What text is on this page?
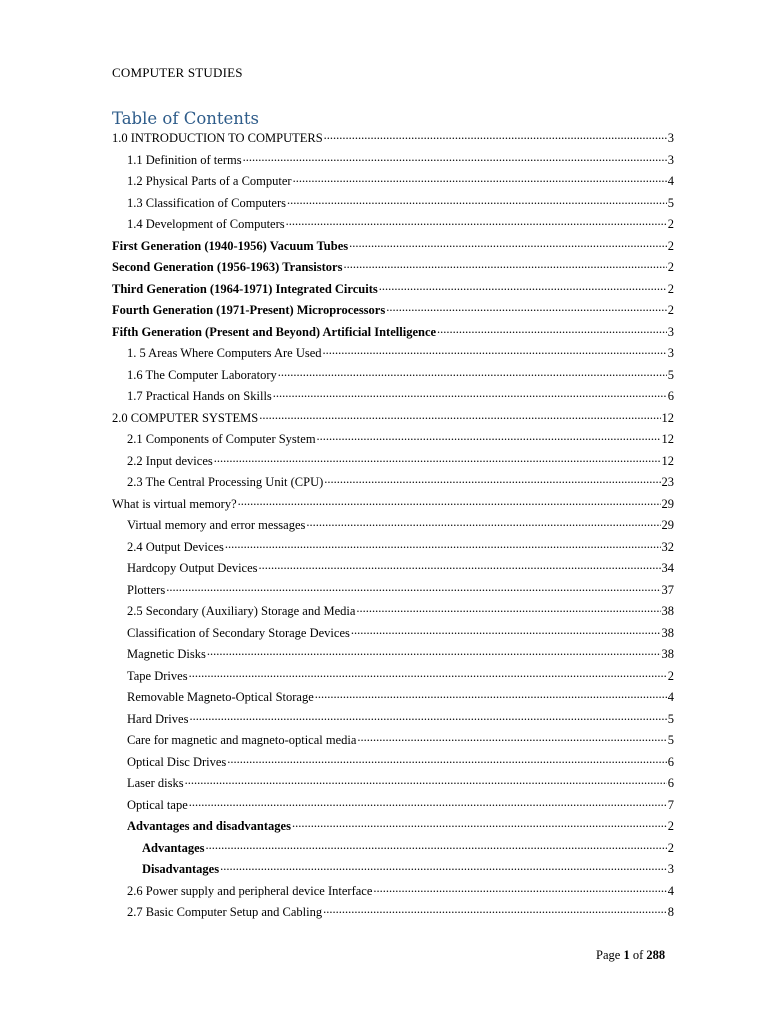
COMPUTER STUDIES
Table of Contents
1.0 INTRODUCTION TO COMPUTERS .....	3
1.1 Definition of terms .....	3
1.2 Physical Parts of a Computer .....	4
1.3 Classification of Computers .....	5
1.4 Development of Computers .....	2
First Generation (1940-1956) Vacuum Tubes .....	2
Second Generation (1956-1963) Transistors .....	2
Third Generation (1964-1971) Integrated Circuits .....	2
Fourth Generation (1971-Present) Microprocessors .....	2
Fifth Generation (Present and Beyond) Artificial Intelligence .....	3
1. 5 Areas Where Computers Are Used .....	3
1.6 The Computer Laboratory .....	5
1.7 Practical Hands on Skills .....	6
2.0 COMPUTER SYSTEMS .....	12
2.1 Components of Computer System .....	12
2.2 Input devices .....	12
2.3 The Central Processing Unit (CPU) .....	23
What is virtual memory? .....	29
Virtual memory and error messages .....	29
2.4 Output Devices .....	32
Hardcopy Output Devices .....	34
Plotters .....	37
2.5 Secondary (Auxiliary) Storage and Media .....	38
Classification of Secondary Storage Devices .....	38
Magnetic Disks .....	38
Tape Drives .....	2
Removable Magneto-Optical Storage .....	4
Hard Drives .....	5
Care for magnetic and magneto-optical media .....	5
Optical Disc Drives .....	6
Laser disks .....	6
Optical tape .....	7
Advantages and disadvantages .....	2
Advantages .....	2
Disadvantages .....	3
2.6 Power supply and peripheral device Interface .....	4
2.7 Basic Computer Setup and Cabling .....	8
Page 1 of 288
